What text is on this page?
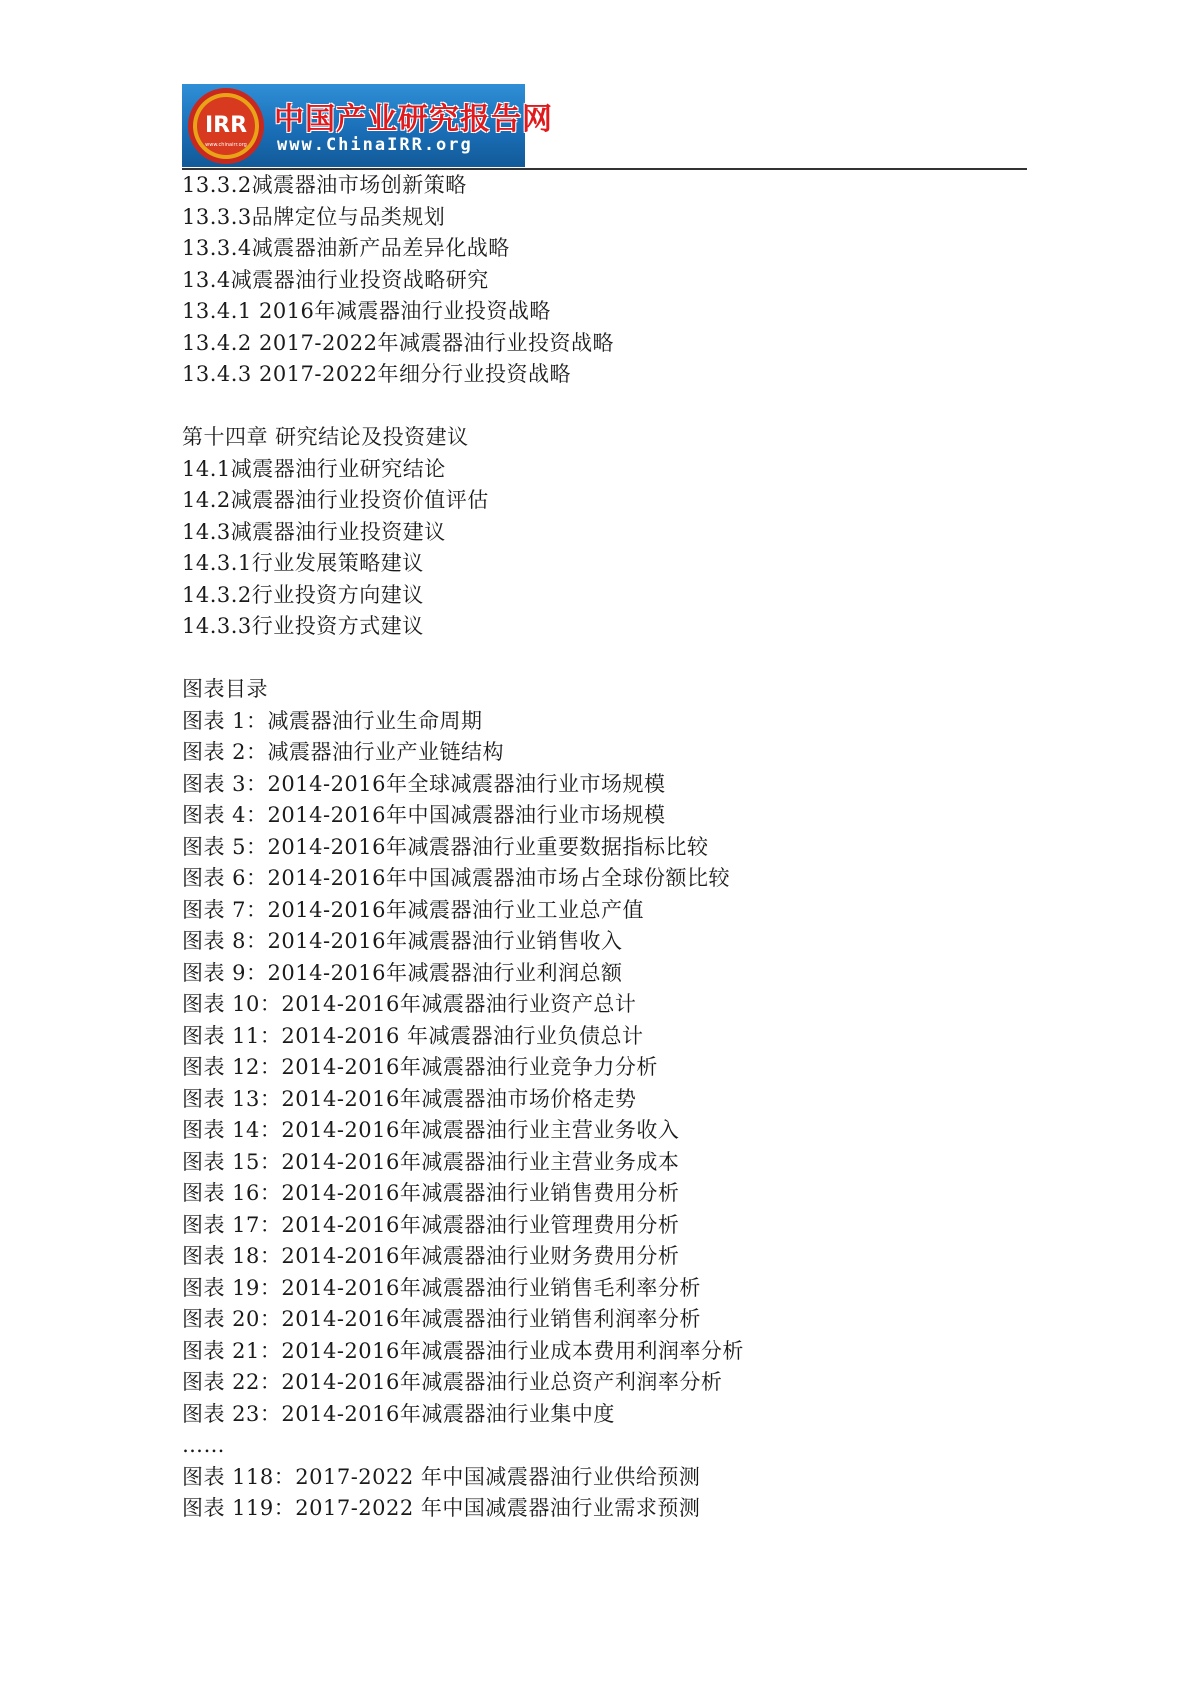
IRR
www.chinairr.org
中国产业研究报告网
www.ChinaIRR.org
13.3.2减震器油市场创新策略
13.3.3品牌定位与品类规划
13.3.4减震器油新产品差异化战略
13.4减震器油行业投资战略研究
13.4.1 2016年减震器油行业投资战略
13.4.2 2017-2022年减震器油行业投资战略
13.4.3 2017-2022年细分行业投资战略
第十四章 研究结论及投资建议
14.1减震器油行业研究结论
14.2减震器油行业投资价值评估
14.3减震器油行业投资建议
14.3.1行业发展策略建议
14.3.2行业投资方向建议
14.3.3行业投资方式建议
图表目录
图表 1：减震器油行业生命周期
图表 2：减震器油行业产业链结构
图表 3：2014-2016年全球减震器油行业市场规模
图表 4：2014-2016年中国减震器油行业市场规模
图表 5：2014-2016年减震器油行业重要数据指标比较
图表 6：2014-2016年中国减震器油市场占全球份额比较
图表 7：2014-2016年减震器油行业工业总产值
图表 8：2014-2016年减震器油行业销售收入
图表 9：2014-2016年减震器油行业利润总额
图表 10：2014-2016年减震器油行业资产总计
图表 11：2014-2016 年减震器油行业负债总计
图表 12：2014-2016年减震器油行业竞争力分析
图表 13：2014-2016年减震器油市场价格走势
图表 14：2014-2016年减震器油行业主营业务收入
图表 15：2014-2016年减震器油行业主营业务成本
图表 16：2014-2016年减震器油行业销售费用分析
图表 17：2014-2016年减震器油行业管理费用分析
图表 18：2014-2016年减震器油行业财务费用分析
图表 19：2014-2016年减震器油行业销售毛利率分析
图表 20：2014-2016年减震器油行业销售利润率分析
图表 21：2014-2016年减震器油行业成本费用利润率分析
图表 22：2014-2016年减震器油行业总资产利润率分析
图表 23：2014-2016年减震器油行业集中度
……
图表 118：2017-2022 年中国减震器油行业供给预测
图表 119：2017-2022 年中国减震器油行业需求预测
